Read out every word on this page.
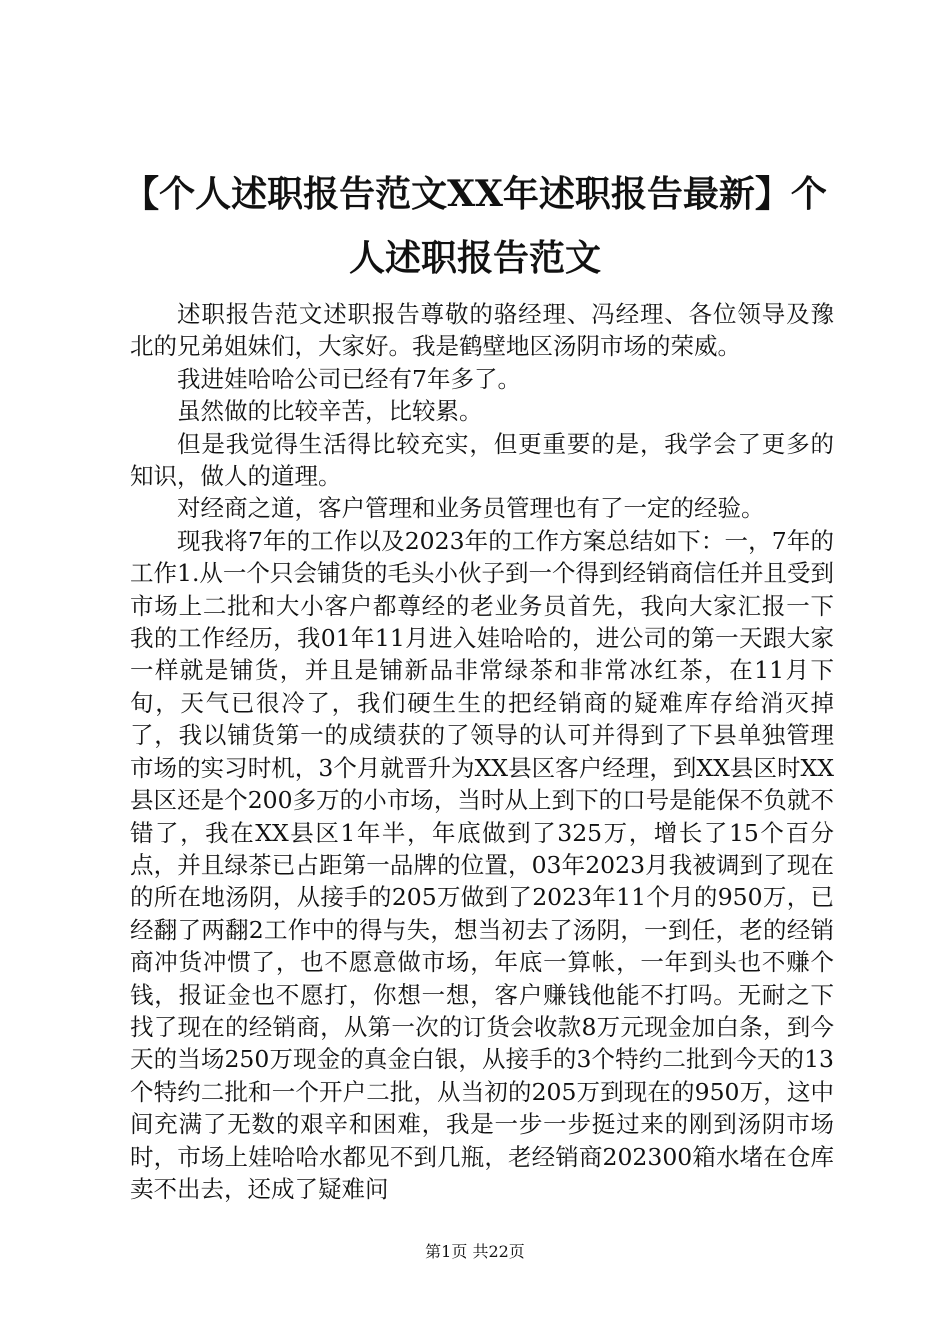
【个人述职报告范文XX年述职报告最新】个人述职报告范文

述职报告范文述职报告尊敬的骆经理、冯经理、各位领导及豫北的兄弟姐妹们，大家好。我是鹤壁地区汤阴市场的荣威。

我进娃哈哈公司已经有7年多了。

虽然做的比较辛苦，比较累。

但是我觉得生活得比较充实，但更重要的是，我学会了更多的知识，做人的道理。

对经商之道，客户管理和业务员管理也有了一定的经验。

现我将7年的工作以及2023年的工作方案总结如下：一，7年的工作1.从一个只会铺货的毛头小伙子到一个得到经销商信任并且受到市场上二批和大小客户都尊经的老业务员首先，我向大家汇报一下我的工作经历，我01年11月进入娃哈哈的，进公司的第一天跟大家一样就是铺货，并且是铺新品非常绿茶和非常冰红茶，在11月下旬，天气已很冷了，我们硬生生的把经销商的疑难库存给消灭掉了，我以铺货第一的成绩获的了领导的认可并得到了下县单独管理市场的实习时机，3个月就晋升为XX县区客户经理，到XX县区时XX县区还是个200多万的小市场，当时从上到下的口号是能保不负就不错了，我在XX县区1年半，年底做到了325万，增长了15个百分点，并且绿茶已占距第一品牌的位置，03年2023月我被调到了现在的所在地汤阴，从接手的205万做到了2023年11个月的950万，已经翻了两翻2工作中的得与失，想当初去了汤阴，一到任，老的经销商冲货冲惯了，也不愿意做市场，年底一算帐，一年到头也不赚个钱，报证金也不愿打，你想一想，客户赚钱他能不打吗。无耐之下找了现在的经销商，从第一次的订货会收款8万元现金加白条，到今天的当场250万现金的真金白银，从接手的3个特约二批到今天的13个特约二批和一个开户二批，从当初的205万到现在的950万，这中间充满了无数的艰辛和困难，我是一步一步挺过来的刚到汤阴市场时，市场上娃哈哈水都见不到几瓶，老经销商202300箱水堵在仓库卖不出去，还成了疑难问

第1页 共22页
